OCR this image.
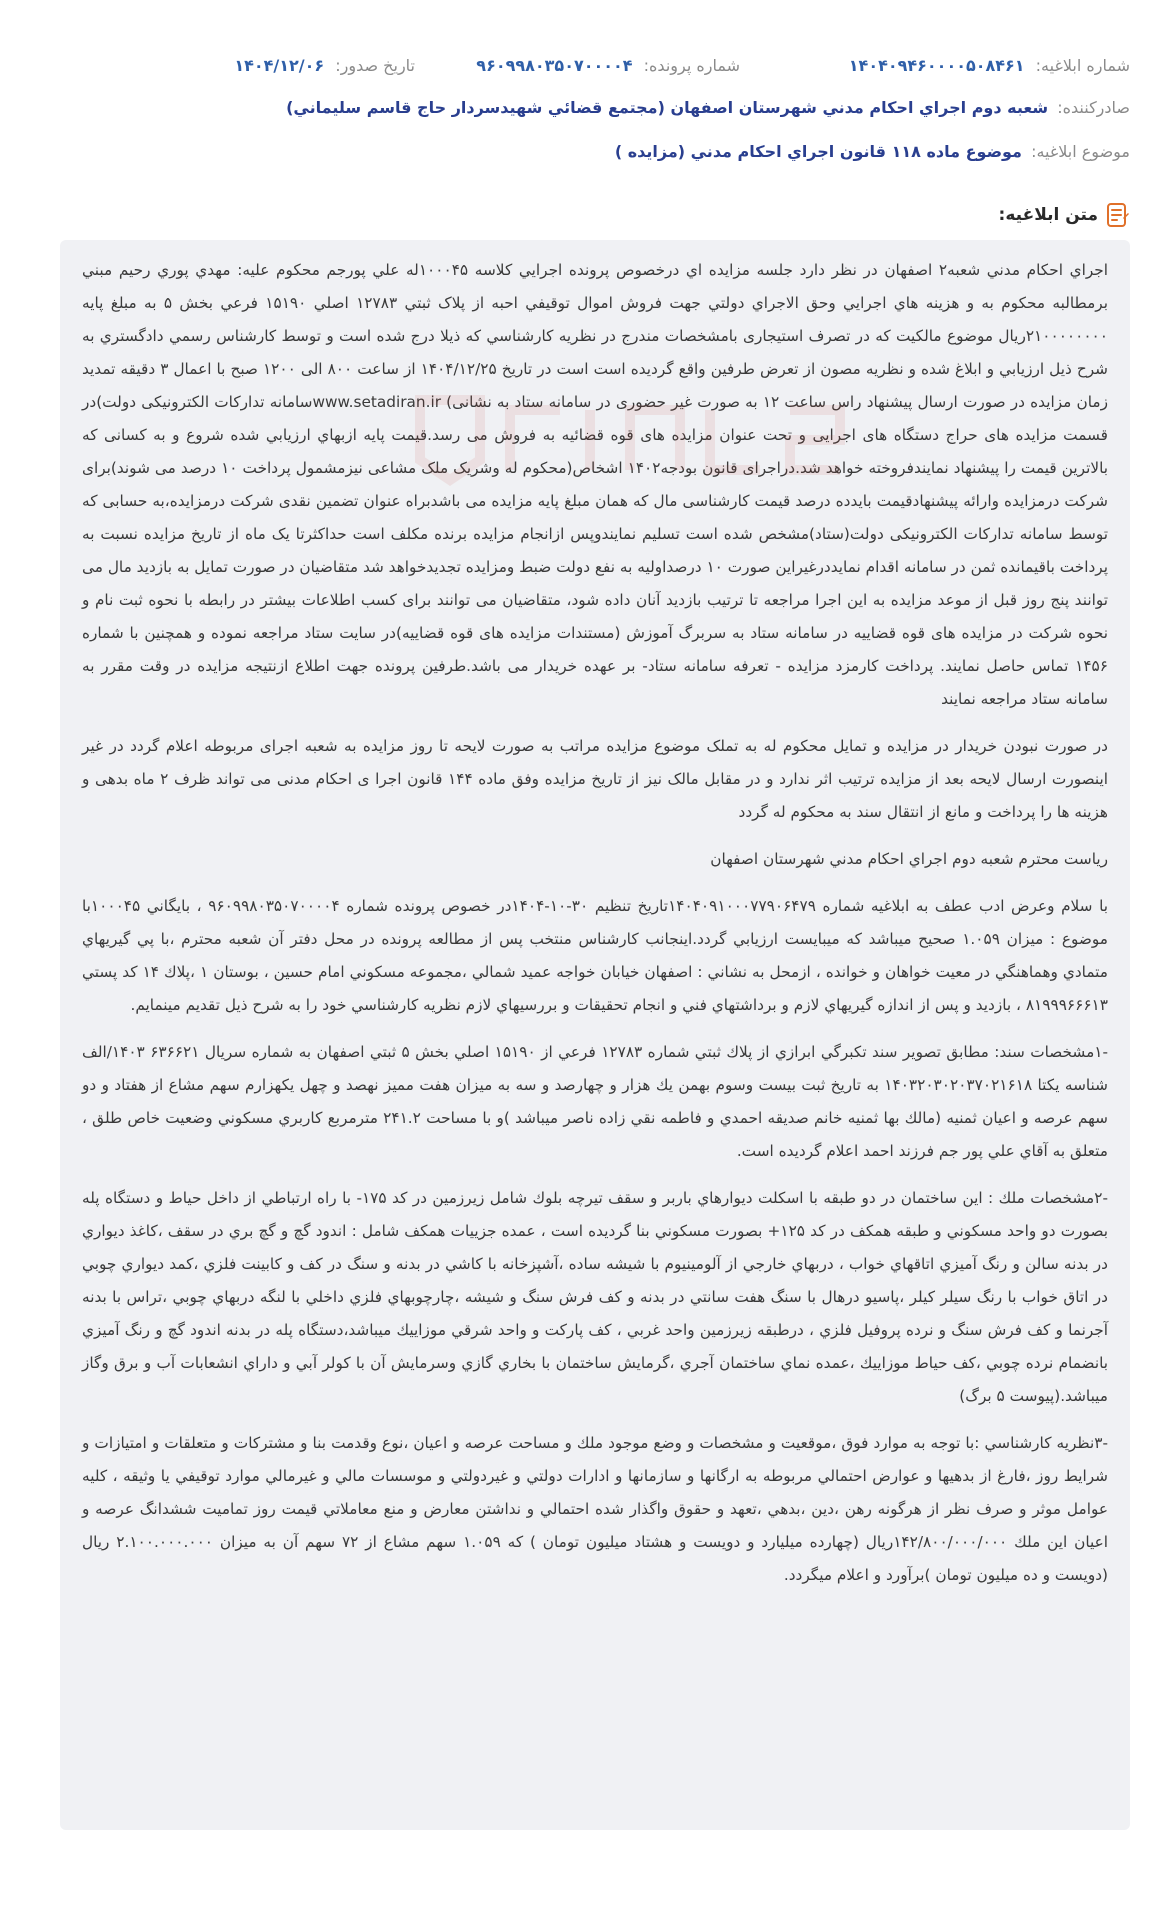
شماره ابلاغیه: ۱۴۰۴۰۹۴۶۰۰۰۰۵۰۸۴۶۱
شماره پرونده: ۹۶۰۹۹۸۰۳۵۰۷۰۰۰۰۴
تاریخ صدور: ۱۴۰۴/۱۲/۰۶
صادرکننده: شعبه دوم اجراي احكام مدني شهرستان اصفهان (مجتمع قضائي شهيدسردار حاج قاسم سليماني)
موضوع ابلاغیه: موضوع ماده ۱۱۸ قانون اجراي احكام مدني (مزايده )
متن ابلاغیه:

اجراي احكام مدني شعبه۲ اصفهان در نظر دارد جلسه مزايده اي درخصوص پرونده اجرايي كلاسه ۱۰۰۰۴۵له علي پورجم محكوم عليه: مهدي پوري رحيم مبني برمطالبه محکوم به و هزينه هاي اجرايي وحق الاجراي دولتي جهت فروش اموال توقيفي احبه از پلاک ثبتي ۱۲۷۸۳ اصلي ۱۵۱۹۰ فرعي بخش ۵ به مبلغ پايه ۲۱۰۰۰۰۰۰۰۰ريال موضوع مالكيت كه در تصرف استيجاری بامشخصات مندرج در نظريه كارشناسي كه ذيلا درج شده است و توسط كارشناس رسمي دادگستري به شرح ذيل ارزيابي و ابلاغ شده و نظريه مصون از تعرض طرفين واقع گرديده است است در تاريخ ۱۴۰۴/۱۲/۲۵ از ساعت ۸۰۰ الی ۱۲۰۰ صبح با اعمال ۳ دقيقه تمديد زمان مزايده در صورت ارسال پيشنهاد راس ساعت ۱۲ به صورت غير حضوری در سامانه ستاد به نشانی) www.setadiran.irسامانه تداركات الكترونيكی دولت)در قسمت مزايده های حراج دستگاه های اجرايی و تحت عنوان مزايده های قوه قضائيه به فروش می رسد.قيمت پايه ازبهاي ارزيابي شده شروع و به كسانى كه بالاترين قيمت را پيشنهاد نمايندفروخته خواهد شد.دراجرای قانون بودجه۱۴۰۲ اشخاص(محكوم له وشريک ملک مشاعی نيزمشمول پرداخت ۱۰ درصد می شوند)برای شركت درمزايده وارائه پيشنهادقيمت بايدده درصد قيمت كارشناسی مال كه همان مبلغ پايه مزايده می باشدبراه عنوان تضمين نقدی شركت درمزايده،به حسابی كه توسط سامانه تداركات الكترونيكی دولت(ستاد)مشخص شده است تسليم نمايندوپس ازانجام مزايده برنده مكلف است حداكثرتا يک ماه از تاريخ مزايده نسبت به پرداخت باقيمانده ثمن در سامانه اقدام نمايددرغيراين صورت ۱۰ درصداوليه به نفع دولت ضبط ومزايده تجديدخواهد شد متقاضيان در صورت تمايل به بازديد مال می توانند پنج روز قبل از موعد مزايده به اين اجرا مراجعه تا ترتيب بازديد آنان داده شود، متقاضيان می توانند برای كسب اطلاعات بيشتر در رابطه با نحوه ثبت نام و نحوه شركت در مزايده های قوه قضاييه در سامانه ستاد به سربرگ آموزش (مستندات مزايده های قوه قضاييه)در سايت ستاد مراجعه نموده و همچنين با شماره ۱۴۵۶ تماس حاصل نمايند. پرداخت كارمزد مزايده - تعرفه سامانه ستاد- بر عهده خريدار می باشد.طرفين پرونده جهت اطلاع ازنتيجه مزايده در وقت مقرر به سامانه ستاد مراجعه نمايند

در صورت نبودن خريدار در مزايده و تمايل محكوم له به تملک موضوع مزايده مراتب به صورت لايحه تا روز مزايده به شعبه اجرای مربوطه اعلام گردد در غير اينصورت ارسال لايحه بعد از مزايده ترتيب اثر ندارد و در مقابل مالک نيز از تاريخ مزايده وفق ماده ۱۴۴ قانون اجرا ی احكام مدنی می تواند ظرف ۲ ماه بدهی و هزينه ها را پرداخت و مانع از انتقال سند به محكوم له گردد

رياست محترم شعبه دوم اجراي احكام مدني شهرستان اصفهان

با سلام وعرض ادب عطف به ابلاغيه شماره ۱۴۰۴۰۹۱۰۰۰۷۷۹۰۶۴۷۹تاريخ تنظيم ۳۰-۱۰-۱۴۰۴در خصوص پرونده شماره ۹۶۰۹۹۸۰۳۵۰۷۰۰۰۰۴ ، بايگاني ۱۰۰۰۴۵با موضوع : ميزان ۱.۰۵۹ صحيح ميباشد كه ميبايست ارزيابي گردد.اينجانب كارشناس منتخب پس از مطالعه پرونده در محل دفتر آن شعبه محترم ،با پي گيريهاي متمادي وهماهنگي در معيت خواهان و خوانده ، ازمحل به نشاني : اصفهان خيابان خواجه عميد شمالي ،مجموعه مسكوني امام حسين ، بوستان ۱ ،پلاك ۱۴ كد پستي ۸۱۹۹۹۶۶۶۱۳ ، بازديد و پس از اندازه گيريهاي لازم و برداشتهاي فني و انجام تحقيقات و بررسيهاي لازم نظريه كارشناسي خود را به شرح ذيل تقديم مينمايم.

-۱مشخصات سند: مطابق تصوير سند تكبرگي ابرازي از پلاك ثبتي شماره ۱۲۷۸۳ فرعي از ۱۵۱۹۰ اصلي بخش ۵ ثبتي اصفهان به شماره سريال ۶۳۶۶۲۱ ۱۴۰۳/الف شناسه يكتا ۱۴۰۳۲۰۳۰۲۰۳۷۰۲۱۶۱۸ به تاريخ ثبت بيست وسوم بهمن يك هزار و چهارصد و سه به ميزان هفت مميز نهصد و چهل يكهزارم سهم مشاع از هفتاد و دو سهم عرصه و اعيان ثمنيه (مالك بها ثمنيه خانم صديقه احمدي و فاطمه نقي زاده ناصر ميباشد )و با مساحت ۲۴۱.۲ مترمربع كاربري مسكوني وضعيت خاص طلق ، متعلق به آقاي علي پور جم فرزند احمد اعلام گرديده است.

-۲مشخصات ملك : اين ساختمان در دو طبقه با اسكلت ديوارهاي باربر و سقف تيرچه بلوك شامل زيرزمين در كد ۱۷۵- با راه ارتباطي از داخل حياط و دستگاه پله بصورت دو واحد مسكوني و طبقه همكف در كد ۱۲۵+ بصورت مسكوني بنا گرديده است ، عمده جزييات همكف شامل : اندود گچ و گچ بري در سقف ،كاغذ ديواري در بدنه سالن و رنگ آميزي اتاقهاي خواب ، دربهاي خارجي از آلومينيوم با شيشه ساده ،آشپزخانه با كاشي در بدنه و سنگ در كف و كابينت فلزي ،كمد ديواري چوبي در اتاق خواب با رنگ سيلر كيلر ،پاسيو درهال با سنگ هفت سانتي در بدنه و كف فرش سنگ و شيشه ،چارچوبهاي فلزي داخلي با لنگه دربهاي چوبي ،تراس با بدنه آجرنما و كف فرش سنگ و نرده پروفيل فلزي ، درطبقه زيرزمين واحد غربي ، كف پاركت و واحد شرقي موزاييك ميباشد،دستگاه پله در بدنه اندود گچ و رنگ آميزي بانضمام نرده چوبي ،كف حياط موزاييك ،عمده نماي ساختمان آجري ،گرمايش ساختمان با بخاري گازي وسرمايش آن با كولر آبي و داراي انشعابات آب و برق وگاز ميباشد.(پيوست ۵ برگ)

-۳نظريه كارشناسي :با توجه به موارد فوق ،موقعيت و مشخصات و وضع موجود ملك و مساحت عرصه و اعيان ،نوع وقدمت بنا و مشتركات و متعلقات و امتيازات و شرايط روز ،فارغ از بدهيها و عوارض احتمالي مربوطه به ارگانها و سازمانها و ادارات دولتي و غيردولتي و موسسات مالي و غيرمالي موارد توقيفي يا وثيقه ، كليه عوامل موثر و صرف نظر از هرگونه رهن ،دين ،بدهي ،تعهد و حقوق واگذار شده احتمالي و نداشتن معارض و منع معاملاتي قيمت روز تماميت ششدانگ عرصه و اعيان اين ملك ۱۴۲/۸۰۰/۰۰۰/۰۰۰ريال (چهارده ميليارد و دويست و هشتاد ميليون تومان ) كه ۱.۰۵۹ سهم مشاع از ۷۲ سهم آن به ميزان ۲.۱۰۰.۰۰۰.۰۰۰ ريال (دويست و ده ميليون تومان )برآورد و اعلام ميگردد.
